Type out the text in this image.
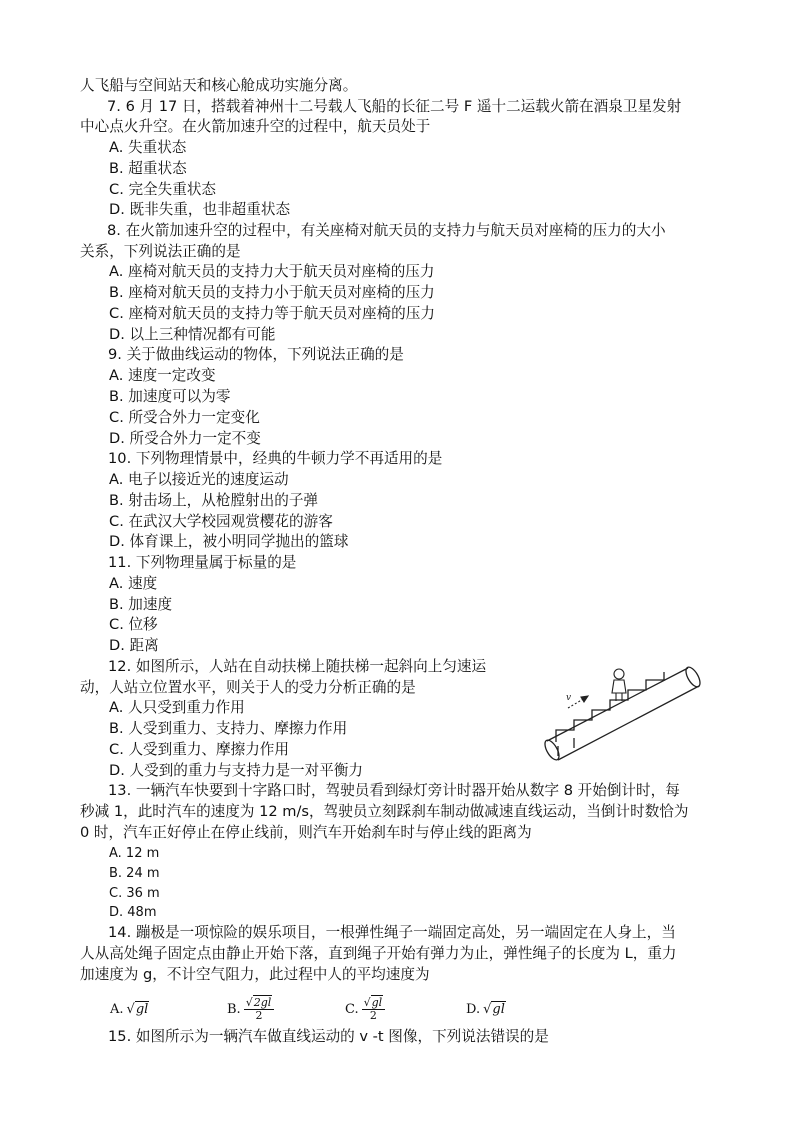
人飞船与空间站天和核心舱成功实施分离。
7. 6 月 17 日，搭载着神州十二号载人飞船的长征二号 F 遥十二运载火箭在酒泉卫星发射
中心点火升空。在火箭加速升空的过程中，航天员处于
A. 失重状态
B. 超重状态
C. 完全失重状态
D. 既非失重，也非超重状态
8. 在火箭加速升空的过程中，有关座椅对航天员的支持力与航天员对座椅的压力的大小
关系，下列说法正确的是
A. 座椅对航天员的支持力大于航天员对座椅的压力
B. 座椅对航天员的支持力小于航天员对座椅的压力
C. 座椅对航天员的支持力等于航天员对座椅的压力
D. 以上三种情况都有可能
9. 关于做曲线运动的物体，下列说法正确的是
A. 速度一定改变
B. 加速度可以为零
C. 所受合外力一定变化
D. 所受合外力一定不变
10. 下列物理情景中，经典的牛顿力学不再适用的是
A. 电子以接近光的速度运动
B. 射击场上，从枪膛射出的子弹
C. 在武汉大学校园观赏樱花的游客
D. 体育课上，被小明同学抛出的篮球
11. 下列物理量属于标量的是
A. 速度
B. 加速度
C. 位移
D. 距离
12. 如图所示，人站在自动扶梯上随扶梯一起斜向上匀速运
动，人站立位置水平，则关于人的受力分析正确的是
A. 人只受到重力作用
B. 人受到重力、支持力、摩擦力作用
C. 人受到重力、摩擦力作用
D. 人受到的重力与支持力是一对平衡力
v
13. 一辆汽车快要到十字路口时，驾驶员看到绿灯旁计时器开始从数字 8 开始倒计时，每
秒减 1，此时汽车的速度为 12 m/s，驾驶员立刻踩刹车制动做减速直线运动，当倒计时数恰为
0 时，汽车正好停止在停止线前，则汽车开始刹车时与停止线的距离为
A. 12 m
B. 24 m
C. 36 m
D. 48m
14. 蹦极是一项惊险的娱乐项目，一根弹性绳子一端固定高处，另一端固定在人身上，当
人从高处绳子固定点由静止开始下落，直到绳子开始有弹力为止，弹性绳子的长度为 L，重力
加速度为 g，不计空气阻力，此过程中人的平均速度为
A. √gl	B. $\frac{√2gl}{2}$	C. $\frac{√gl}{2}$	D. √gl
15. 如图所示为一辆汽车做直线运动的 v -t 图像，下列说法错误的是
